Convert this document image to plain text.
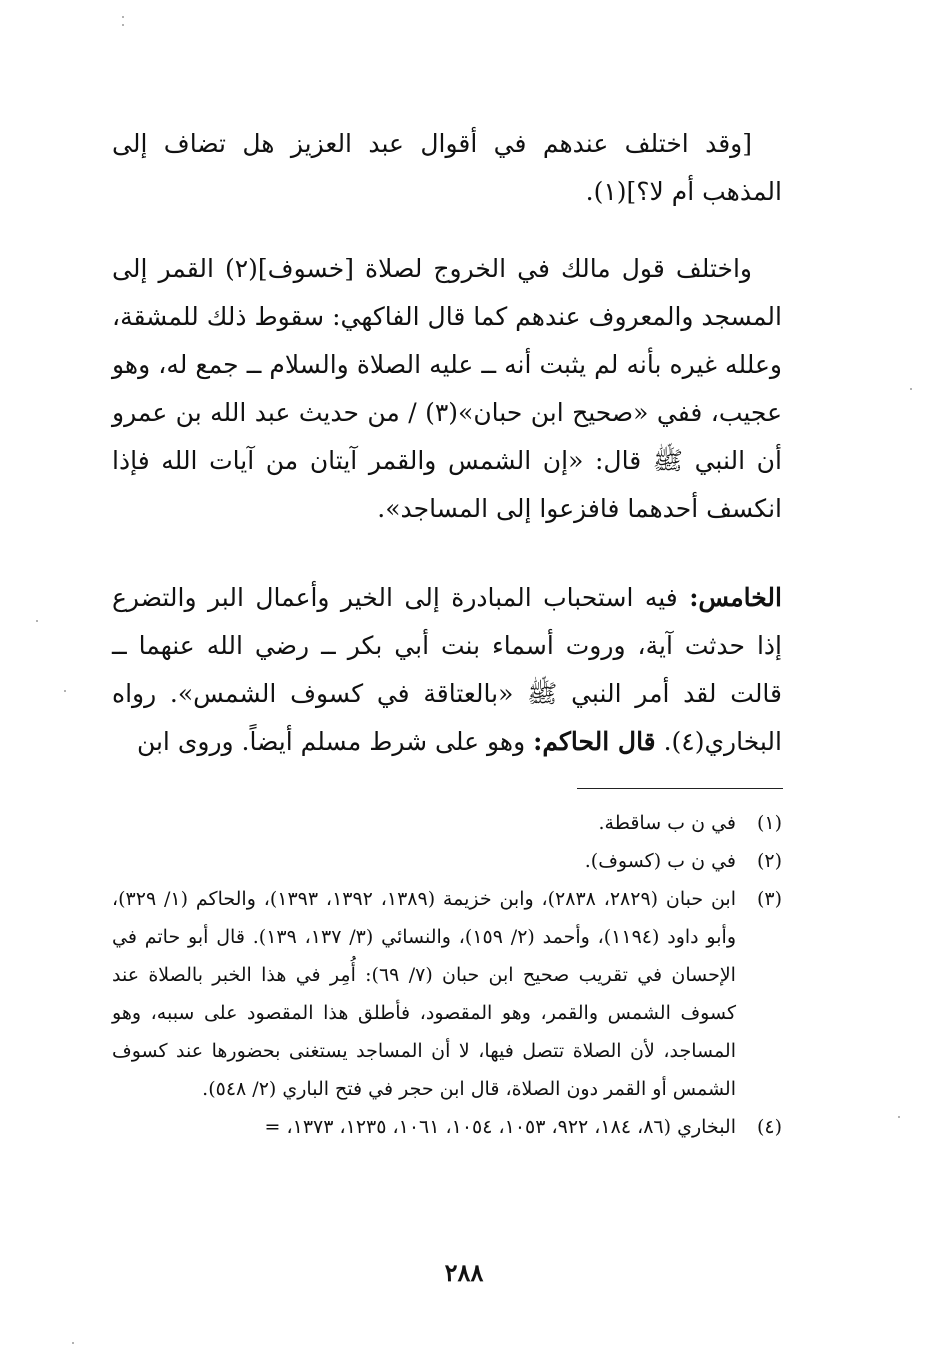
[وقد اختلف عندهم في أقوال عبد العزيز هل تضاف إلى المذهب أم لا؟](١).

واختلف قول مالك في الخروج لصلاة [خسوف](٢) القمر إلى المسجد والمعروف عندهم كما قال الفاكهي: سقوط ذلك للمشقة، وعلله غيره بأنه لم يثبت أنه ــ عليه الصلاة والسلام ــ جمع له، وهو عجيب، ففي «صحيح ابن حبان»(٣) / من حديث عبد الله بن عمرو أن النبي ﷺ قال: «إن الشمس والقمر آيتان من آيات الله فإذا انكسف أحدهما فافزعوا إلى المساجد».

الخامس: فيه استحباب المبادرة إلى الخير وأعمال البر والتضرع إذا حدثت آية، وروت أسماء بنت أبي بكر ــ رضي الله عنهما ــ قالت لقد أمر النبي ﷺ «بالعتاقة في كسوف الشمس». رواه البخاري(٤). قال الحاكم: وهو على شرط مسلم أيضاً. وروى ابن

(١)
في ن ب ساقطة.
(٢)
في ن ب (كسوف).
(٣)
ابن حبان (٢٨٢٩، ٢٨٣٨)، وابن خزيمة (١٣٨٩، ١٣٩٢، ١٣٩٣)، والحاكم (١/ ٣٢٩)، وأبو داود (١١٩٤)، وأحمد (٢/ ١٥٩)، والنسائي (٣/ ١٣٧، ١٣٩). قال أبو حاتم في الإحسان في تقريب صحيح ابن حبان (٧/ ٦٩): أُمِر في هذا الخبر بالصلاة عند كسوف الشمس والقمر، وهو المقصود، فأطلق هذا المقصود على سببه، وهو المساجد، لأن الصلاة تتصل فيها، لا أن المساجد يستغنى بحضورها عند كسوف الشمس أو القمر دون الصلاة، قال ابن حجر في فتح الباري (٢/ ٥٤٨).
(٤)
البخاري (٨٦، ١٨٤، ٩٢٢، ١٠٥٣، ١٠٥٤، ١٠٦١، ١٢٣٥، ١٣٧٣، =
٢٨٨
